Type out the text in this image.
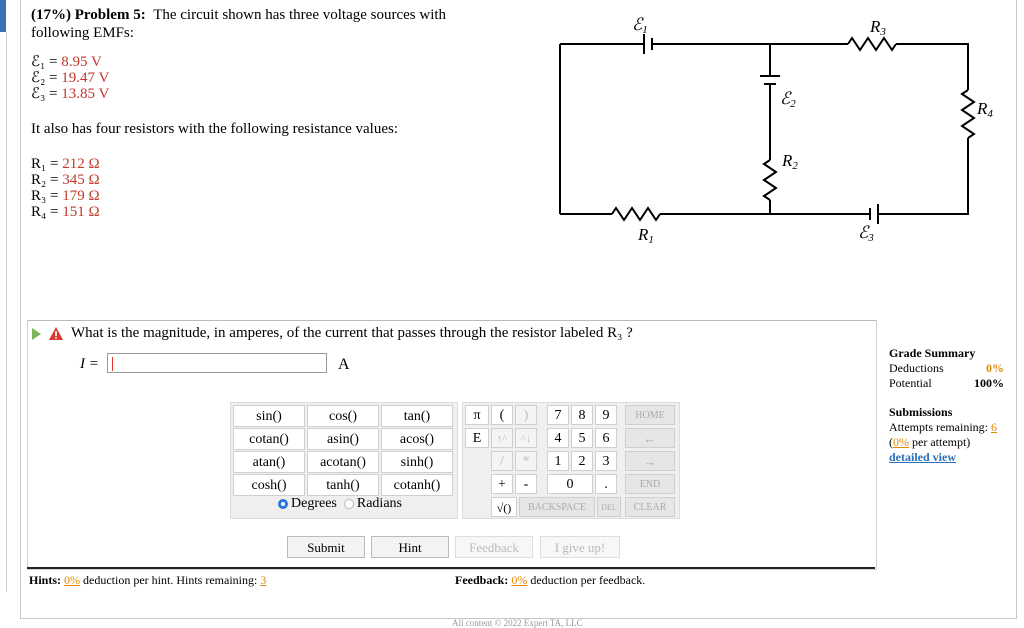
(17%) Problem 5: The circuit shown has three voltage sources with following EMFs:
ℰ₁ = 8.95 V
ℰ₂ = 19.47 V
ℰ₃ = 13.85 V
It also has four resistors with the following resistance values:
R₁ = 212 Ω
R₂ = 345 Ω
R₃ = 179 Ω
R₄ = 151 Ω
ℰ1
ℰ2
ℰ3
R1
R2
R3
R4
What is the magnitude, in amperes, of the current that passes through the resistor labeled R₃ ?
I =	A
sin()	cos()	tan()
cotan()	asin()	acos()
atan()	acotan()	sinh()
cosh()	tanh()	cotanh()
Degrees Radians
π	(	)	7	8	9	HOME
E	↑^	^↓	4	5	6	←
/	*	1	2	3	→
+	-	0	.	END
√()	BACKSPACE	DEL	CLEAR
Submit	Hint	Feedback	I give up!
Hints: 0% deduction per hint. Hints remaining: 3	Feedback: 0% deduction per feedback.
Grade Summary
Deductions	0%
Potential	100%
Submissions
Attempts remaining: 6
(0% per attempt)
detailed view
All content © 2022 Expert TA, LLC
